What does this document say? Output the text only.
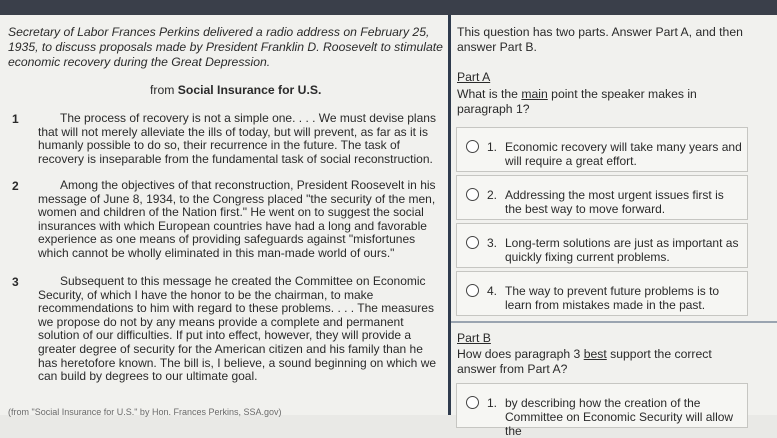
Secretary of Labor Frances Perkins delivered a radio address on February 25, 1935, to discuss proposals made by President Franklin D. Roosevelt to stimulate economic recovery during the Great Depression.
from Social Insurance for U.S.
1	The process of recovery is not a simple one. . . . We must devise plans that will not merely alleviate the ills of today, but will prevent, as far as it is humanly possible to do so, their recurrence in the future. The task of recovery is inseparable from the fundamental task of social reconstruction.
2	Among the objectives of that reconstruction, President Roosevelt in his message of June 8, 1934, to the Congress placed "the security of the men, women and children of the Nation first." He went on to suggest the social insurances with which European countries have had a long and favorable experience as one means of providing safeguards against "misfortunes which cannot be wholly eliminated in this man-made world of ours."
3	Subsequent to this message he created the Committee on Economic Security, of which I have the honor to be the chairman, to make recommendations to him with regard to these problems. . . . The measures we propose do not by any means provide a complete and permanent solution of our difficulties. If put into effect, however, they will provide a greater degree of security for the American citizen and his family than he has heretofore known. The bill is, I believe, a sound beginning on which we can build by degrees to our ultimate goal.
(from "Social Insurance for U.S." by Hon. Frances Perkins, SSA.gov)
This question has two parts. Answer Part A, and then answer Part B.
Part A
What is the main point the speaker makes in paragraph 1?
1. Economic recovery will take many years and will require a great effort.
2. Addressing the most urgent issues first is the best way to move forward.
3. Long-term solutions are just as important as quickly fixing current problems.
4. The way to prevent future problems is to learn from mistakes made in the past.
Part B
How does paragraph 3 best support the correct answer from Part A?
1. by describing how the creation of the Committee on Economic Security will allow the
